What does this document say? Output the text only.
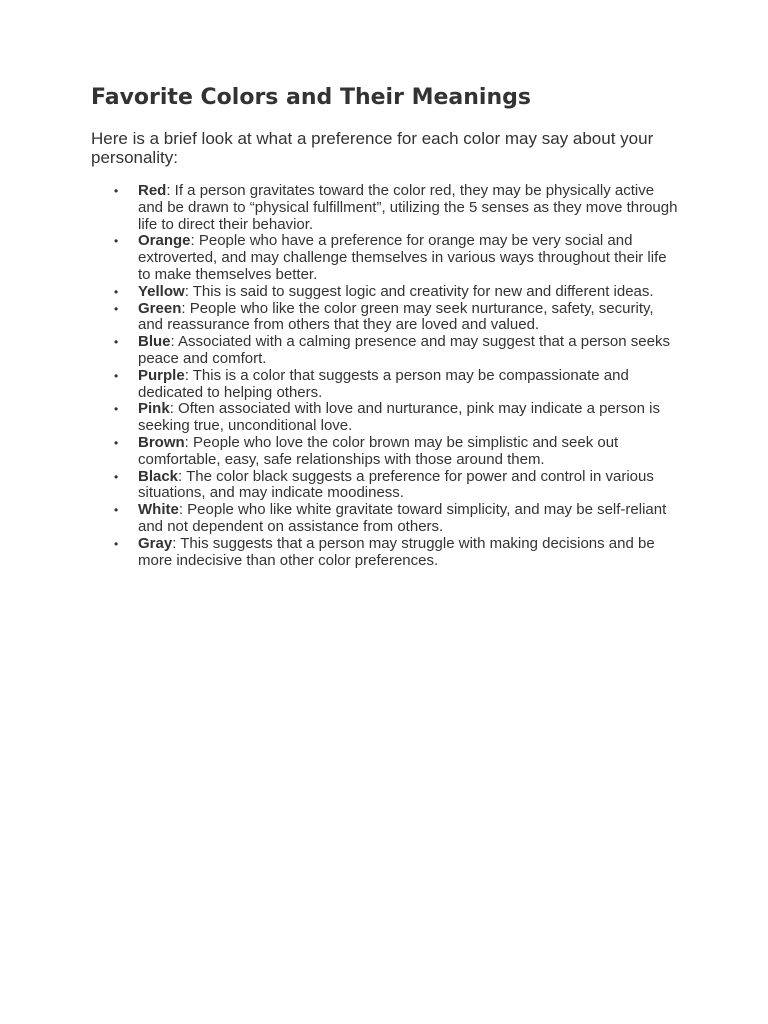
Favorite Colors and Their Meanings

Here is a brief look at what a preference for each color may say about your personality:

• Red: If a person gravitates toward the color red, they may be physically active and be drawn to “physical fulfillment”, utilizing the 5 senses as they move through life to direct their behavior.
• Orange: People who have a preference for orange may be very social and extroverted, and may challenge themselves in various ways throughout their life to make themselves better.
• Yellow: This is said to suggest logic and creativity for new and different ideas.
• Green: People who like the color green may seek nurturance, safety, security, and reassurance from others that they are loved and valued.
• Blue: Associated with a calming presence and may suggest that a person seeks peace and comfort.
• Purple: This is a color that suggests a person may be compassionate and dedicated to helping others.
• Pink: Often associated with love and nurturance, pink may indicate a person is seeking true, unconditional love.
• Brown: People who love the color brown may be simplistic and seek out comfortable, easy, safe relationships with those around them.
• Black: The color black suggests a preference for power and control in various situations, and may indicate moodiness.
• White: People who like white gravitate toward simplicity, and may be self-reliant and not dependent on assistance from others.
• Gray: This suggests that a person may struggle with making decisions and be more indecisive than other color preferences.
